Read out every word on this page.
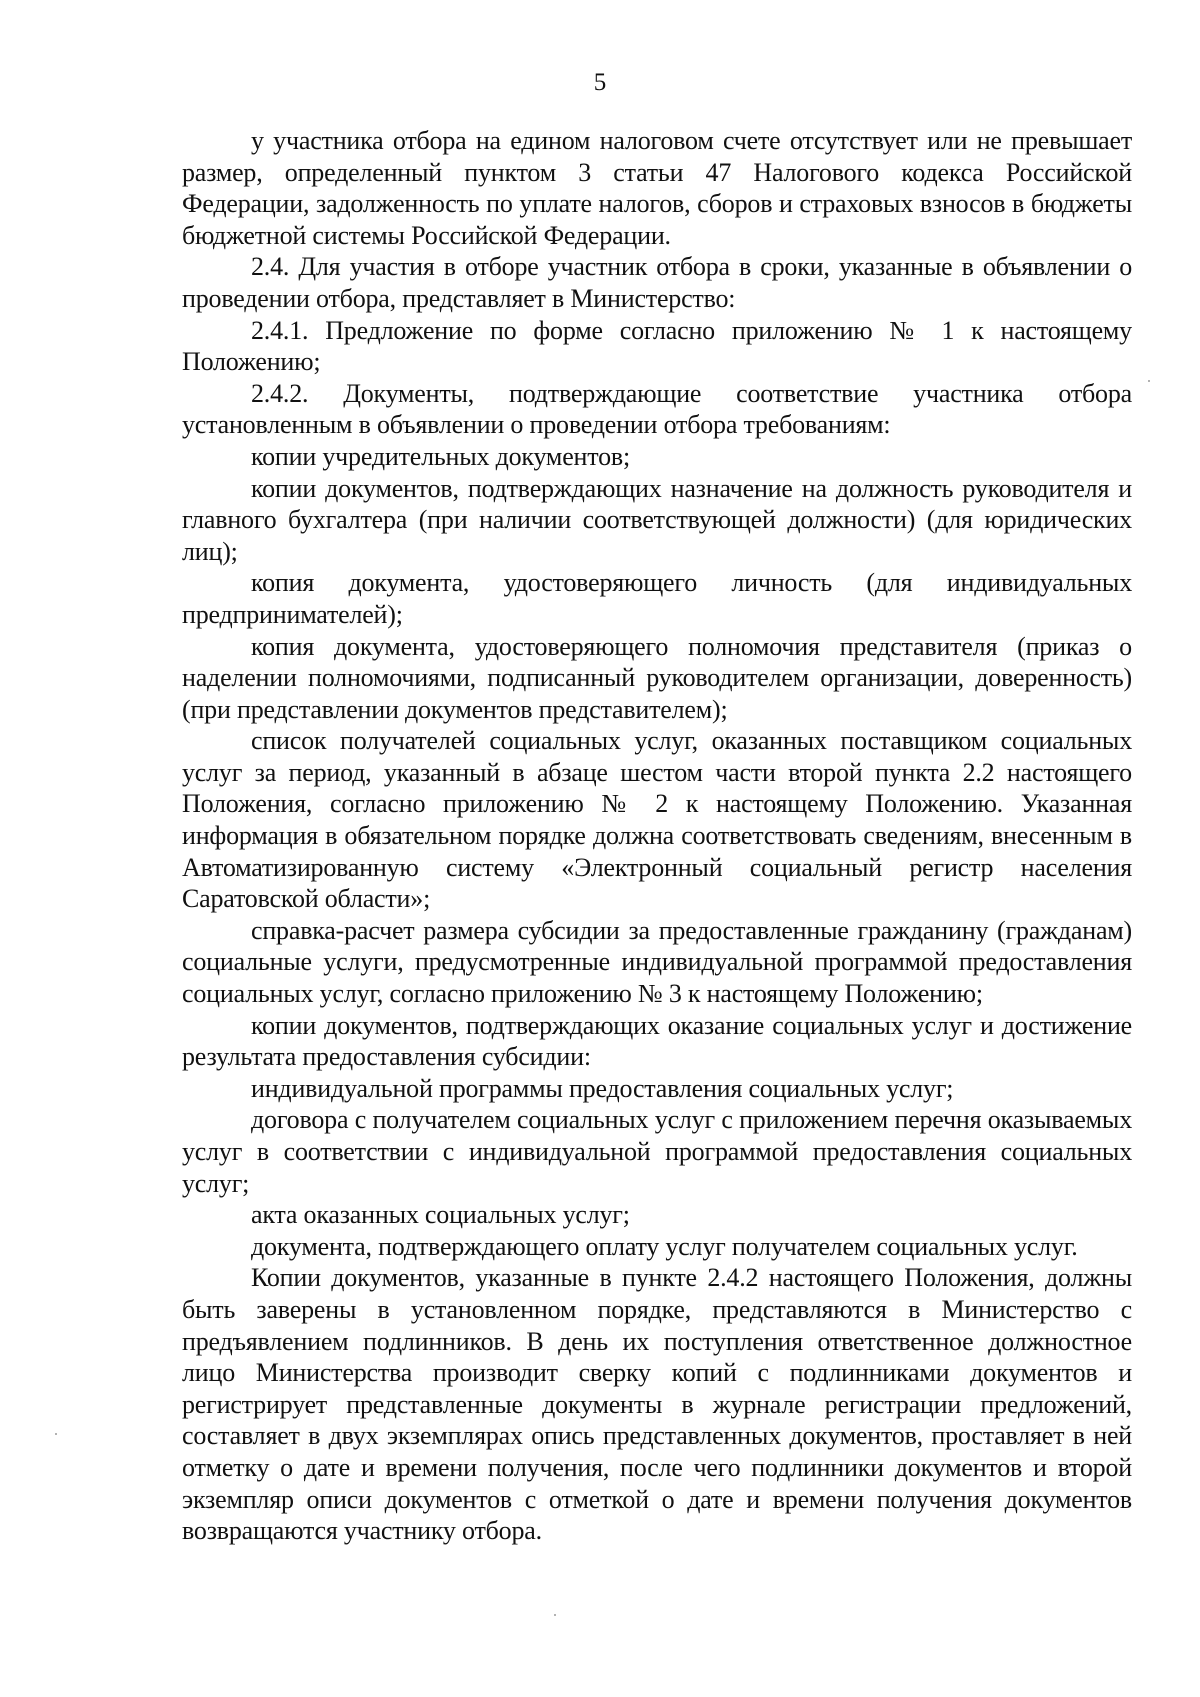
5

у участника отбора на едином налоговом счете отсутствует или не превышает размер, определенный пунктом 3 статьи 47 Налогового кодекса Российской Федерации, задолженность по уплате налогов, сборов и страховых взносов в бюджеты бюджетной системы Российской Федерации.

2.4. Для участия в отборе участник отбора в сроки, указанные в объявлении о проведении отбора, представляет в Министерство:

2.4.1. Предложение по форме согласно приложению № 1 к настоящему Положению;

2.4.2. Документы, подтверждающие соответствие участника отбора установленным в объявлении о проведении отбора требованиям:

копии учредительных документов;

копии документов, подтверждающих назначение на должность руководителя и главного бухгалтера (при наличии соответствующей должности) (для юридических лиц);

копия документа, удостоверяющего личность (для индивидуальных предпринимателей);

копия документа, удостоверяющего полномочия представителя (приказ о наделении полномочиями, подписанный руководителем организации, доверенность) (при представлении документов представителем);

список получателей социальных услуг, оказанных поставщиком социальных услуг за период, указанный в абзаце шестом части второй пункта 2.2 настоящего Положения, согласно приложению № 2 к настоящему Положению. Указанная информация в обязательном порядке должна соответствовать сведениям, внесенным в Автоматизированную систему «Электронный социальный регистр населения Саратовской области»;

справка-расчет размера субсидии за предоставленные гражданину (гражданам) социальные услуги, предусмотренные индивидуальной программой предоставления социальных услуг, согласно приложению № 3 к настоящему Положению;

копии документов, подтверждающих оказание социальных услуг и достижение результата предоставления субсидии:

индивидуальной программы предоставления социальных услуг;

договора с получателем социальных услуг с приложением перечня оказываемых услуг в соответствии с индивидуальной программой предоставления социальных услуг;

акта оказанных социальных услуг;

документа, подтверждающего оплату услуг получателем социальных услуг.

Копии документов, указанные в пункте 2.4.2 настоящего Положения, должны быть заверены в установленном порядке, представляются в Министерство с предъявлением подлинников. В день их поступления ответственное должностное лицо Министерства производит сверку копий с подлинниками документов и регистрирует представленные документы в журнале регистрации предложений, составляет в двух экземплярах опись представленных документов, проставляет в ней отметку о дате и времени получения, после чего подлинники документов и второй экземпляр описи документов с отметкой о дате и времени получения документов возвращаются участнику отбора.
